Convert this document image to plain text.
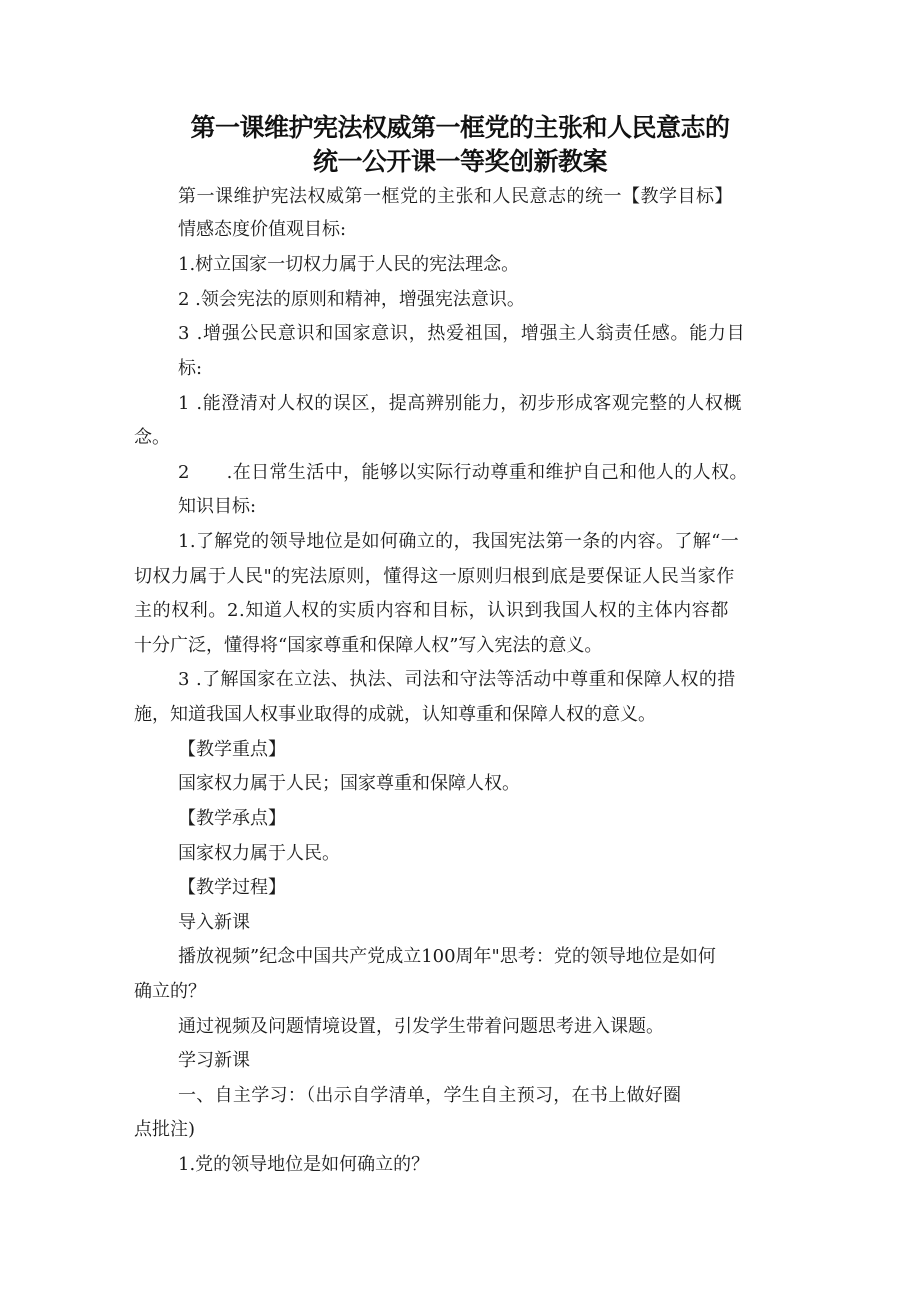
第一课维护宪法权威第一框党的主张和人民意志的
统一公开课一等奖创新教案
第一课维护宪法权威第一框党的主张和人民意志的统一【教学目标】
情感态度价值观目标:
1.树立国家一切权力属于人民的宪法理念。
2 .领会宪法的原则和精神，增强宪法意识。
3 .增强公民意识和国家意识，热爱祖国，增强主人翁责任感。能力目
标:
1 .能澄清对人权的误区，提高辨别能力，初步形成客观完整的人权概
念。
2      .在日常生活中，能够以实际行动尊重和维护自己和他人的人权。
知识目标:
1.了解党的领导地位是如何确立的，我国宪法第一条的内容。了解“一
切权力属于人民"的宪法原则，懂得这一原则归根到底是要保证人民当家作
主的权利。2.知道人权的实质内容和目标，认识到我国人权的主体内容都
十分广泛，懂得将“国家尊重和保障人权”写入宪法的意义。
3 .了解国家在立法、执法、司法和守法等活动中尊重和保障人权的措
施，知道我国人权事业取得的成就，认知尊重和保障人权的意义。
【教学重点】
国家权力属于人民；国家尊重和保障人权。
【教学承点】
国家权力属于人民。
【教学过程】
导入新课
播放视频”纪念中国共产党成立100周年"思考：党的领导地位是如何
确立的？
通过视频及问题情境设置，引发学生带着问题思考进入课题。
学习新课
一、自主学习：（出示自学清单，学生自主预习，在书上做好圈
点批注)
1.党的领导地位是如何确立的？
